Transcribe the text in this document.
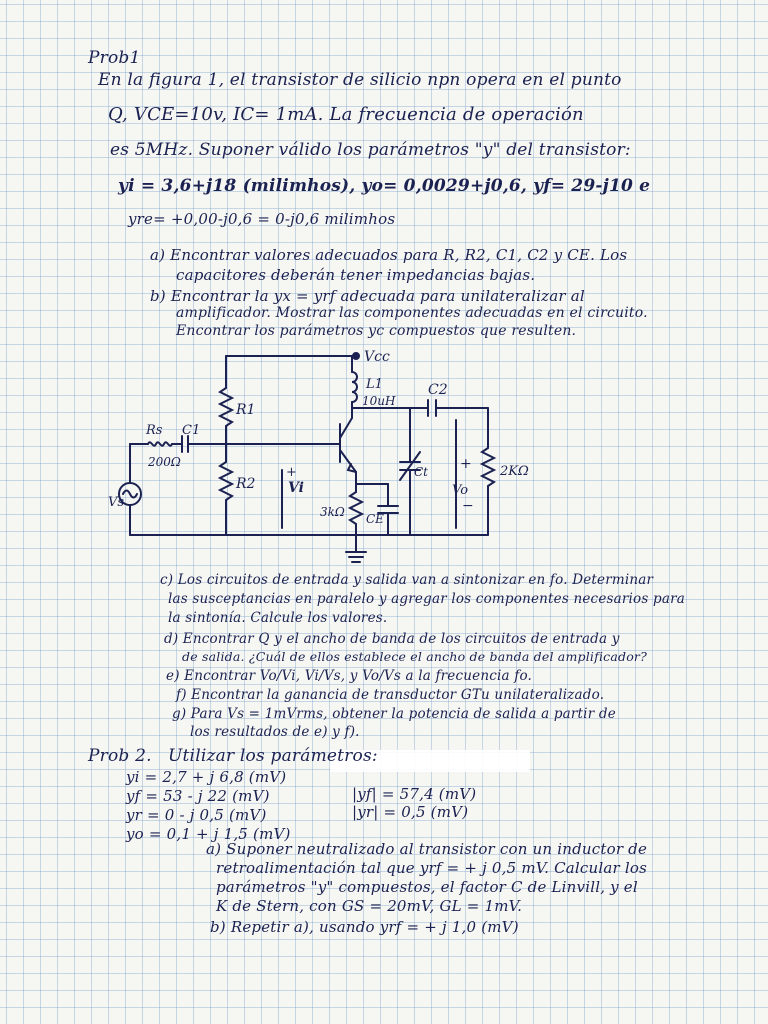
Prob1
En la figura 1, el transistor de silicio npn opera en el punto
Q, VCE=10v, IC= 1mA. La frecuencia de operación
es 5MHz. Suponer válido los parámetros "y" del transistor:
yi = 3,6+j18 (milimhos), yo= 0,0029+j0,6, yf= 29-j10 e
yre= +0,00-j0,6 = 0-j0,6 milimhos
a) Encontrar valores adecuados para R, R2, C1, C2 y CE. Los
capacitores deberán tener impedancias bajas.
b) Encontrar la yx = yrf adecuada para unilateralizar al
amplificador. Mostrar las componentes adecuadas en el circuito.
Encontrar los parámetros yc compuestos que resulten.
Vcc
L1
10uH
C2
R1
Rs
200Ω
C1
R2
+
Vi
Vs
3kΩ CE
Ct +
Vo
−
2KΩ
c) Los circuitos de entrada y salida van a sintonizar en fo. Determinar
las susceptancias en paralelo y agregar los componentes necesarios para
la sintonía. Calcule los valores.
d) Encontrar Q y el ancho de banda de los circuitos de entrada y
de salida. ¿Cuál de ellos establece el ancho de banda del amplificador?
e) Encontrar Vo/Vi, Vi/Vs, y Vo/Vs a la frecuencia fo.
f) Encontrar la ganancia de transductor GTu unilateralizado.
g) Para Vs = 1mVrms, obtener la potencia de salida a partir de
los resultados de e) y f).
Prob 2. Utilizar los parámetros:
yi = 2,7 + j 6,8 (mV)
yf = 53 - j 22 (mV)	|yf| = 57,4 (mV)
yr = 0 - j 0,5 (mV)	|yr| = 0,5 (mV)
yo = 0,1 + j 1,5 (mV)
a) Suponer neutralizado al transistor con un inductor de
retroalimentación tal que yrf = + j 0,5 mV. Calcular los
parámetros "y" compuestos, el factor C de Linvill, y el
K de Stern, con GS = 20mV, GL = 1mV.
b) Repetir a), usando yrf = + j 1,0 (mV)
